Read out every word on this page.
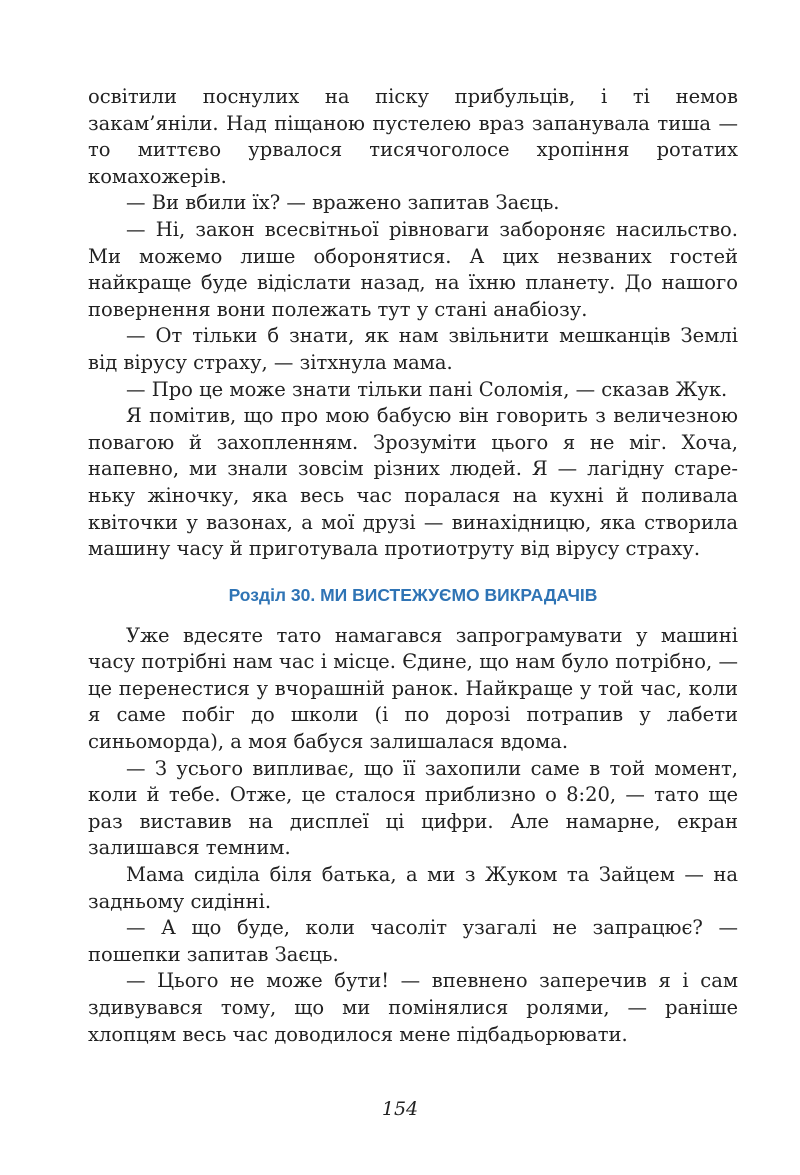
освітили поснулих на піску прибульців, і ті немов закам’яніли. Над піщаною пустелею враз запанувала тиша — то миттєво урвалося тисячоголосе хропіння ротатих комахожерів.

— Ви вбили їх? — вражено запитав Заєць.

— Ні, закон всесвітньої рівноваги забороняє насильство. Ми можемо лише оборонятися. А цих незваних гостей найкраще буде відіслати назад, на їхню планету. До нашого повернення вони полежать тут у стані анабіозу.

— От тільки б знати, як нам звільнити мешканців Землі від вірусу страху, — зітхнула мама.

— Про це може знати тільки пані Соломія, — сказав Жук.

Я помітив, що про мою бабусю він говорить з величезною повагою й захопленням. Зрозуміти цього я не міг. Хоча, напевно, ми знали зовсім різних людей. Я — лагідну стареньку жіночку, яка весь час поралася на кухні й поливала квіточки у вазонах, а мої друзі — винахідницю, яка створила машину часу й приготувала протиотруту від вірусу страху.

Розділ 30. МИ ВИСТЕЖУЄМО ВИКРАДАЧІВ

Уже вдесяте тато намагався запрограмувати у машині часу потрібні нам час і місце. Єдине, що нам було потрібно, — це перенестися у вчорашній ранок. Найкраще у той час, коли я саме побіг до школи (і по дорозі потрапив у лабети синьоморда), а моя бабуся залишалася вдома.

— З усього випливає, що її захопили саме в той момент, коли й тебе. Отже, це сталося приблизно о 8:20, — тато ще раз виставив на дисплеї ці цифри. Але намарне, екран залишався темним.

Мама сиділа біля батька, а ми з Жуком та Зайцем — на задньому сидінні.

— А що буде, коли часоліт узагалі не запрацює? — пошепки запитав Заєць.

— Цього не може бути! — впевнено заперечив я і сам здивувався тому, що ми помінялися ролями, — раніше хлопцям весь час доводилося мене підбадьорювати.

154
